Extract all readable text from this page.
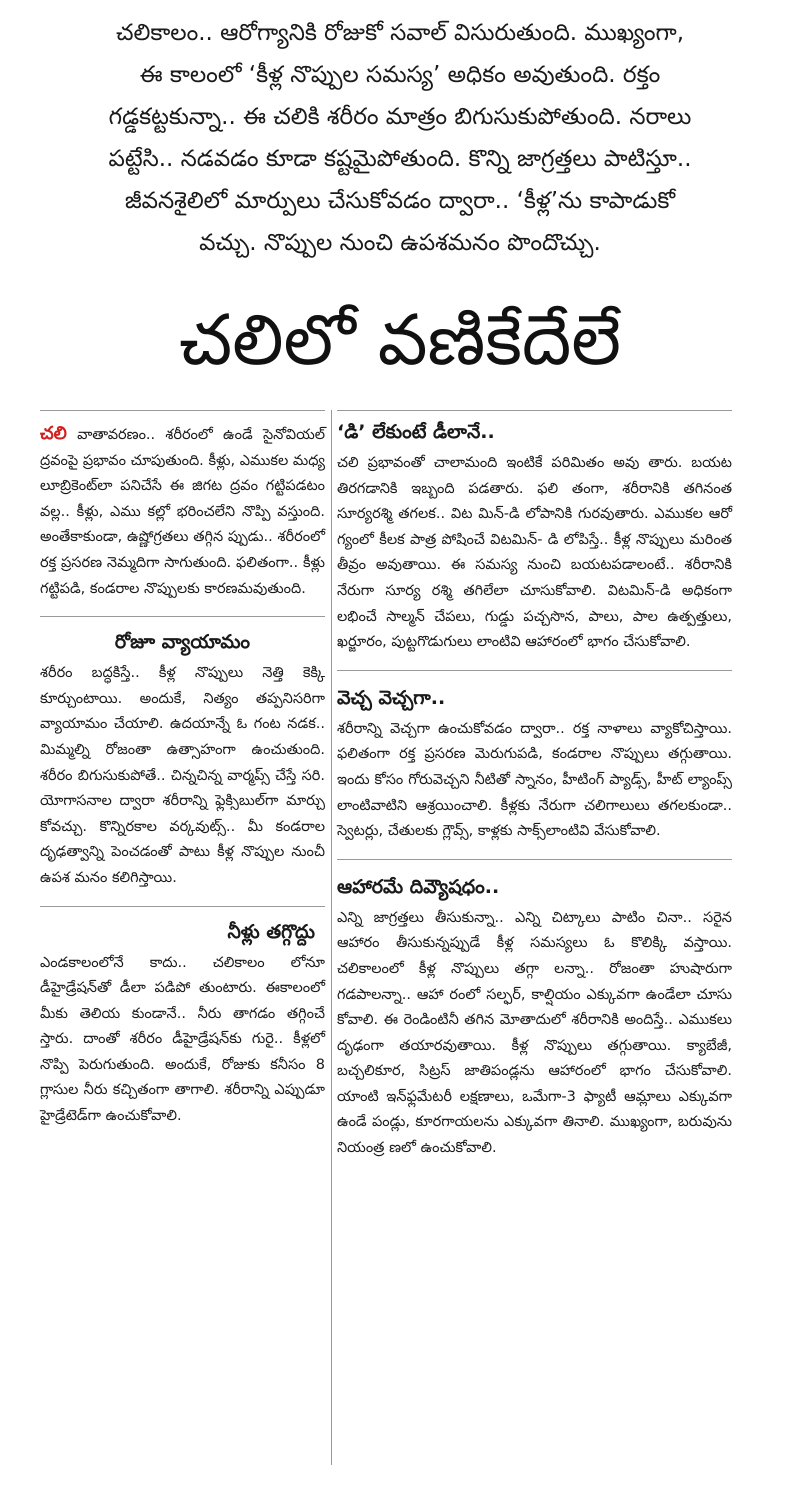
చలికాలం.. ఆరోగ్యానికి రోజుకో సవాల్ విసురుతుంది. ముఖ్యంగా,

ఈ కాలంలో ‘కీళ్ల నొప్పుల సమస్య’ అధికం అవుతుంది. రక్తం

గడ్డకట్టకున్నా.. ఈ చలికి శరీరం మాత్రం బిగుసుకుపోతుంది. నరాలు

పట్టేసి.. నడవడం కూడా కష్టమైపోతుంది. కొన్ని జాగ్రత్తలు పాటిస్తూ..

జీవనశైలిలో మార్పులు చేసుకోవడం ద్వారా.. ‘కీళ్ల’ను కాపాడుకో

వచ్చు. నొప్పుల నుంచి ఉపశమనం పొందొచ్చు.

చలిలో వణికేదేలే

చలి వాతావరణం.. శరీరంలో ఉండే సైనోవియల్ ద్రవంపై ప్రభావం చూపుతుంది. కీళ్లు, ఎముకల మధ్య లూబ్రికెంట్‌లా పనిచేసే ఈ జిగట ద్రవం గట్టిపడటం వల్ల.. కీళ్లు, ఎము కల్లో భరించలేని నొప్పి వస్తుంది. అంతేకాకుండా, ఉష్ణోగ్రతలు తగ్గిన ప్పుడు.. శరీరంలో రక్త ప్రసరణ నెమ్మదిగా సాగుతుంది. ఫలితంగా.. కీళ్లు గట్టిపడి, కండరాల నొప్పులకు కారణమవుతుంది.

రోజూ వ్యాయామం

శరీరం బద్ధకిస్తే.. కీళ్ల నొప్పులు నెత్తి కెక్కి కూర్చుంటాయి. అందుకే, నిత్యం తప్పనిసరిగా వ్యాయామం చేయాలి. ఉదయాన్నే ఓ గంట నడక.. మిమ్మల్ని రోజంతా ఉత్సాహంగా ఉంచుతుంది. శరీరం బిగుసుకుపోతే.. చిన్నచిన్న వార్మప్స్ చేస్తే సరి. యోగాసనాల ద్వారా శరీరాన్ని ఫ్లెక్సిబుల్‌గా మార్చు కోవచ్చు. కొన్నిరకాల వర్కవుట్స్.. మీ కండరాల దృఢత్వాన్ని పెంచడంతో పాటు కీళ్ల నొప్పుల నుంచీ ఉపశ మనం కలిగిస్తాయి.

నీళ్లు తగ్గొద్దు

ఎండకాలంలోనే కాదు.. చలికాలం లోనూ డీహైడ్రేషన్‌తో డీలా పడిపో తుంటారు. ఈకాలంలో మీకు తెలియ కుండానే.. నీరు తాగడం తగ్గించే స్తారు. దాంతో శరీరం డీహైడ్రేషన్‌కు గురై.. కీళ్లలో నొప్పి పెరుగుతుంది. అందుకే, రోజుకు కనీసం 8 గ్లాసుల నీరు కచ్చితంగా తాగాలి. శరీరాన్ని ఎప్పుడూ హైడ్రేటెడ్‌గా ఉంచుకోవాలి.

‘డి’ లేకుంటే డీలానే..

చలి ప్రభావంతో చాలామంది ఇంటికే పరిమితం అవు తారు. బయట తిరగడానికి ఇబ్బంది పడతారు. ఫలి తంగా, శరీరానికి తగినంత సూర్యరశ్మి తగలక.. విట మిన్-డి లోపానికి గురవుతారు. ఎముకల ఆరో గ్యంలో కీలక పాత్ర పోషించే విటమిన్- డి లోపిస్తే.. కీళ్ల నొప్పులు మరింత తీవ్రం అవుతాయి. ఈ సమస్య నుంచి బయటపడాలంటే.. శరీరానికి నేరుగా సూర్య రశ్మి తగిలేలా చూసుకోవాలి. విటమిన్-డి అధికంగా లభించే సాల్మన్ చేపలు, గుడ్డు పచ్చసొన, పాలు, పాల ఉత్పత్తులు, ఖర్జూరం, పుట్టగొడుగులు లాంటివి ఆహారంలో భాగం చేసుకోవాలి.

వెచ్చ వెచ్చగా..

శరీరాన్ని వెచ్చగా ఉంచుకోవడం ద్వారా.. రక్త నాళాలు వ్యాకోచిస్తాయి. ఫలితంగా రక్త ప్రసరణ మెరుగుపడి, కండరాల నొప్పులు తగ్గుతాయి. ఇందు కోసం గోరువెచ్చని నీటితో స్నానం, హీటింగ్ ప్యాడ్స్, హీట్ ల్యాంప్స్ లాంటివాటిని ఆశ్రయించాలి. కీళ్లకు నేరుగా చలిగాలులు తగలకుండా.. స్వెటర్లు, చేతులకు గ్లౌవ్స్, కాళ్లకు సాక్స్‌లాంటివి వేసుకోవాలి.

ఆహారమే దివ్యౌషధం..

ఎన్ని జాగ్రత్తలు తీసుకున్నా.. ఎన్ని చిట్కాలు పాటిం చినా.. సరైన ఆహారం తీసుకున్నప్పుడే కీళ్ల సమస్యలు ఓ కొలిక్కి వస్తాయి. చలికాలంలో కీళ్ల నొప్పులు తగ్గా లన్నా.. రోజంతా హుషారుగా గడపాలన్నా.. ఆహా రంలో సల్ఫర్, కాల్షియం ఎక్కువగా ఉండేలా చూసు కోవాలి. ఈ రెండింటినీ తగిన మోతాదులో శరీరానికి అందిస్తే.. ఎముకలు దృఢంగా తయారవుతాయి. కీళ్ల నొప్పులు తగ్గుతాయి. క్యాబేజీ, బచ్చలికూర, సిట్రస్ జాతిపండ్లను ఆహారంలో భాగం చేసుకోవాలి. యాంటి ఇన్‌ఫ్లమేటరీ లక్షణాలు, ఒమేగా-3 ఫ్యాటీ ఆమ్లాలు ఎక్కువగా ఉండే పండ్లు, కూరగాయలను ఎక్కువగా తినాలి. ముఖ్యంగా, బరువును నియంత్ర ణలో ఉంచుకోవాలి.
